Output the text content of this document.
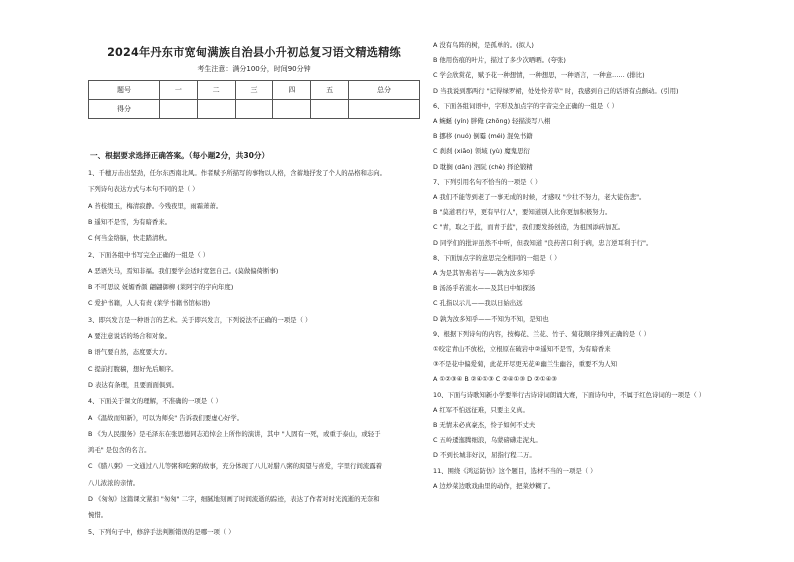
2024年丹东市宽甸满族自治县小升初总复习语文精选精练
考生注意：满分100分，时间90分钟
题号	一	二	三	四	五	总分
得分						
一、根据要求选择正确答案。（每小题2分，共30分）
1、千穗万击出坚劲，任尔东西南北风。作者赋予所描写的事物以人格，含蓄地抒发了个人的品格和志向。
下列诗句表达方式与本句不同的是（ ）
A 苔枝缀玉，梅清寂静。今残夜里，雨霜萧萧。
B 遥知不是雪，为有暗香来。
C 何当金络脑，快走踏清秋。
2、下面各组中书写完全正确的一组是（ ）
A 恶语失马，焉知非福。我们要学会适时宽恕自己。(莫做偏倚断事)
B 不可思议 妩媚香颜 翩翩御柳 (莱阿宇的宇向年度)
C 爱护书籍，人人有责 (莱学书籍书馆标语)
3、即兴发言是一种语言的艺术。关于即兴发言，下列说法不正确的一项是（ ）
A 要注意说话的场合和对象。
B 语气要自然，态度要大方。
C 提前打腹稿，想好先后顺序。
D 表达有条理，且要面面俱到。
4、下面关于课文的理解，不准确的一项是（ ）
A 《温故而知新》，可以为师矣" 告诉我们要虚心好学。
B 《为人民服务》是毛泽东在张思德同志追悼会上所作的演讲，其中 "人固有一死，或重于泰山，或轻于
鸿毛" 是包含的名言。
C 《腊八粥》一文通过八儿等粥和吃粥的故事，充分体现了八儿对腊八粥的渴望与喜爱，字里行间流露着
八儿浓浓的亲情。
D 《匆匆》这篇课文紧扣 "匆匆" 二字，细腻地刻画了时间流逝的踪迹，表达了作者对时光流逝的无奈和
惋惜。
5、下列句子中，修辞手法判断错误的是哪一项（ ）
A 没有鸟阵的树，是孤单的。(拟人)
B 他用伤痕的叶片，描过了多少次晒晒。(夸张)
C 学会欣赏花，赋予花一种想情，一种想思，一种语言，一种意…… (排比)
D 当我说到那两行 "记得绿罗裙，处处怜芳草" 时，我感到自己的话语有点颤动。(引用)
6、下面各组词语中，字形及加点字的字音完全正确的一组是（ ）
A 蜿蜒 (yín) 胖俺 (zhōng) 轻描淡写八栩
B 挪移 (nuó) 倒霉 (méi) 混免书籍
C 刹刹 (xiāo) 领域 (yù) 魔鬼思衍
D 耽搁 (dān) 泗阮 (chè) 择论锻精
7、下列引用名句不恰当的一项是（ ）
A 我们不能等到老了一事无成的时候，才感叹 "少壮不努力，老大徒伤悲"。
B "莫道君行早，更有早行人"，要知道别人比你更加积极努力。
C "青，取之于蓝，而青于蓝"，我们要发扬创造，为祖国添砖加瓦。
D 同学们的批评虽然不中听，但我知道 "良药苦口利于病，忠言逆耳利于行"。
8、下面加点字的意思完全相同的一组是（ ）
A 为是其智弗若与——孰为汝多知乎
B 汤汤乎若流水——及其日中如探汤
C 孔指以示儿——我以日始出远
D 孰为汝多知乎——不知为不知，是知也
9、根据下列诗句的内容，按梅花、兰花、竹子、菊花顺序排列正确的是（ ）
①咬定青山不放松，立根原在破岩中②遥知不是雪，为有暗香来
③不是花中偏爱菊，此花开尽更无花④幽兰生幽谷，重要不为人知
A ①②③④ B ②④①③ C ②④①③ D ②①④③
10、下面与诗歌知新小学要举行古诗诗词朗诵大赛，下面诗句中，不属于红色诗词的一项是（ ）
A 红军不怕远征难，只要主义真。
B 无情未必真豪杰，怜子如何不丈夫
C 五岭逶迤腾细浪，乌蒙磅礴走泥丸。
D 不到长城非好汉，屈指行程二万。
11、围绕《鸿运防仿》这个题目，选材不当的一项是（ ）
A 边炒菜边歌戏曲里的动作，把菜炒糊了。
